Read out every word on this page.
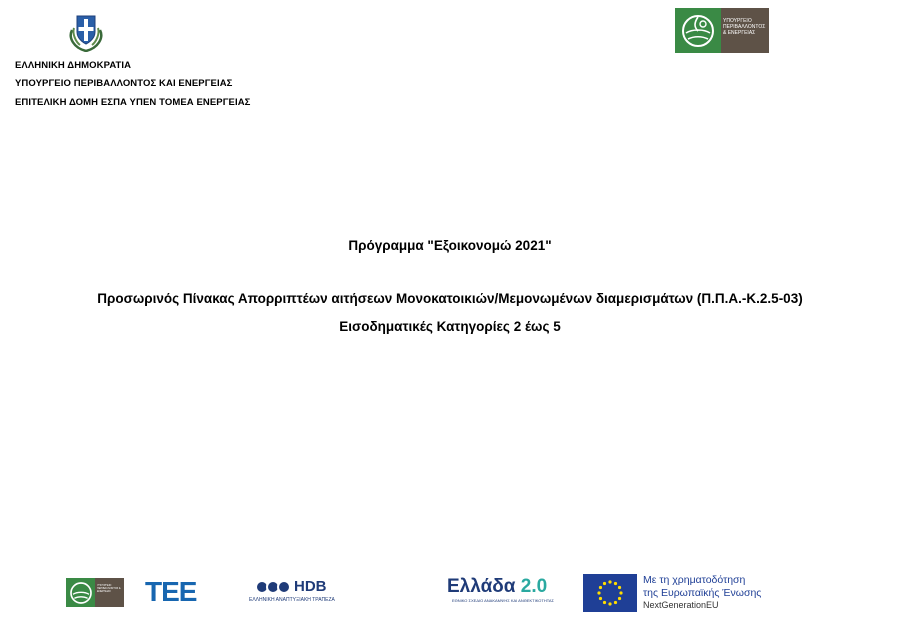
ΕΛΛΗΝΙΚΗ ΔΗΜΟΚΡΑΤΙΑ
ΥΠΟΥΡΓΕΙΟ ΠΕΡΙΒΑΛΛΟΝΤΟΣ ΚΑΙ ΕΝΕΡΓΕΙΑΣ
ΕΠΙΤΕΛΙΚΗ ΔΟΜΗ ΕΣΠΑ ΥΠΕΝ ΤΟΜΕΑ ΕΝΕΡΓΕΙΑΣ
ΥΠΟΥΡΓΕΙΟ ΠΕΡΙΒΑΛΛΟΝΤΟΣ & ΕΝΕΡΓΕΙΑΣ
Πρόγραμμα "Εξοικονομώ 2021"
Προσωρινός Πίνακας Απορριπτέων αιτήσεων Μονοκατοικιών/Μεμονωμένων διαμερισμάτων (Π.Π.Α.-Κ.2.5-03)
Εισοδηματικές Κατηγορίες 2 έως 5
ΥΠΟΥΡΓΕΙΟ ΠΕΡΙΒΑΛΛΟΝΤΟΣ & ΕΝΕΡΓΕΙΑΣ	ΤΕΕ	HDB
ΕΛΛΗΝΙΚΗ ΑΝΑΠΤΥΞΙΑΚΗ ΤΡΑΠΕΖΑ
Ελλάδα 2.0
ΕΘΝΙΚΟ ΣΧΕΔΙΟ ΑΝΑΚΑΜΨΗΣ ΚΑΙ ΑΝΘΕΚΤΙΚΟΤΗΤΑΣ
Με τη χρηματοδότηση
της Ευρωπαϊκής Ένωσης
NextGenerationEU
